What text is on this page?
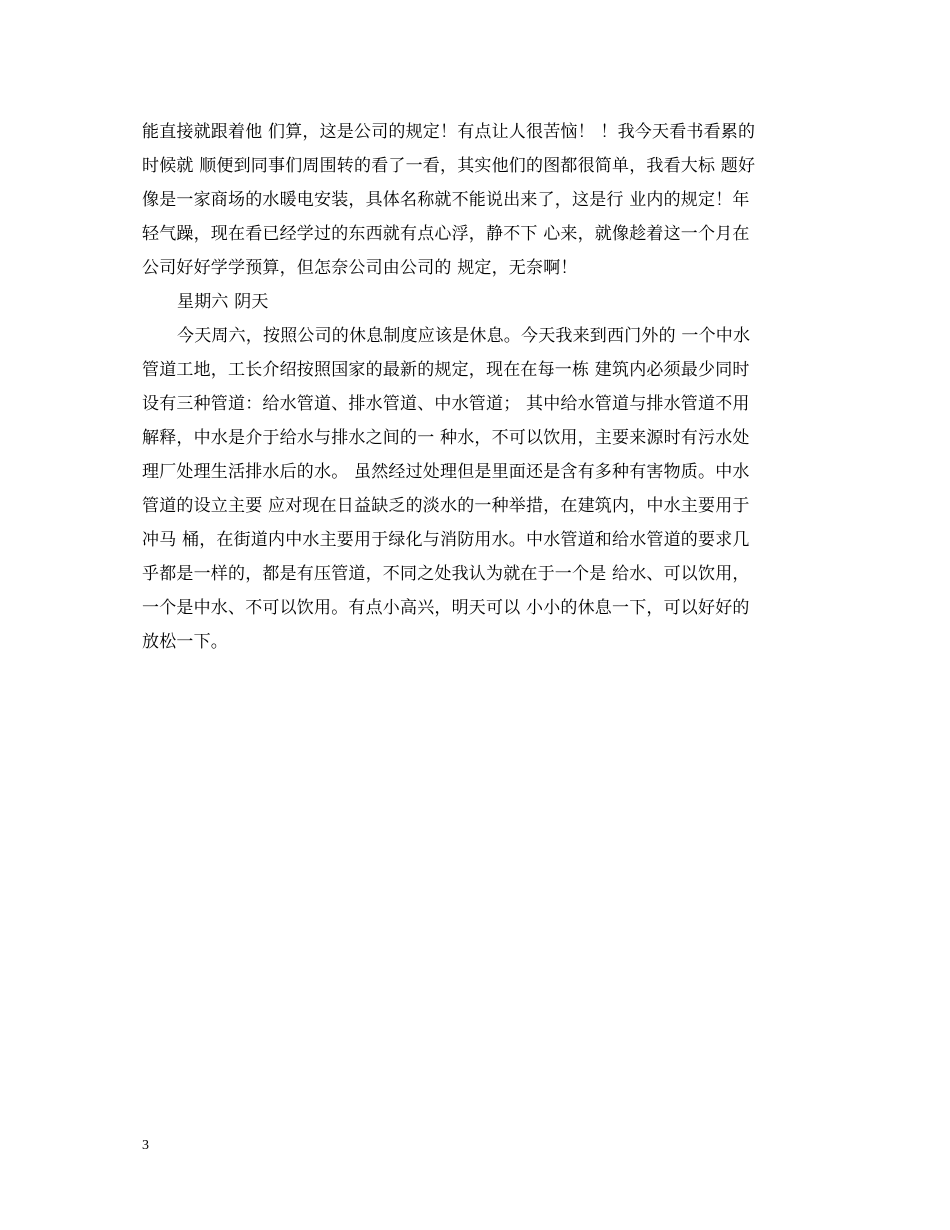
能直接就跟着他 们算，这是公司的规定！有点让人很苦恼！ ！我今天看书看累的
时候就 顺便到同事们周围转的看了一看，其实他们的图都很简单，我看大标 题好
像是一家商场的水暖电安装，具体名称就不能说出来了，这是行 业内的规定！年
轻气躁，现在看已经学过的东西就有点心浮，静不下 心来，就像趁着这一个月在
公司好好学学预算，但怎奈公司由公司的 规定，无奈啊！
星期六 阴天
今天周六，按照公司的休息制度应该是休息。今天我来到西门外的 一个中水
管道工地，工长介绍按照国家的最新的规定，现在在每一栋 建筑内必须最少同时
设有三种管道：给水管道、排水管道、中水管道； 其中给水管道与排水管道不用
解释，中水是介于给水与排水之间的一 种水，不可以饮用，主要来源时有污水处
理厂处理生活排水后的水。 虽然经过处理但是里面还是含有多种有害物质。中水
管道的设立主要 应对现在日益缺乏的淡水的一种举措，在建筑内，中水主要用于
冲马 桶，在街道内中水主要用于绿化与消防用水。中水管道和给水管道的要求几
乎都是一样的，都是有压管道，不同之处我认为就在于一个是 给水、可以饮用，
一个是中水、不可以饮用。有点小高兴，明天可以 小小的休息一下，可以好好的
放松一下。
3
